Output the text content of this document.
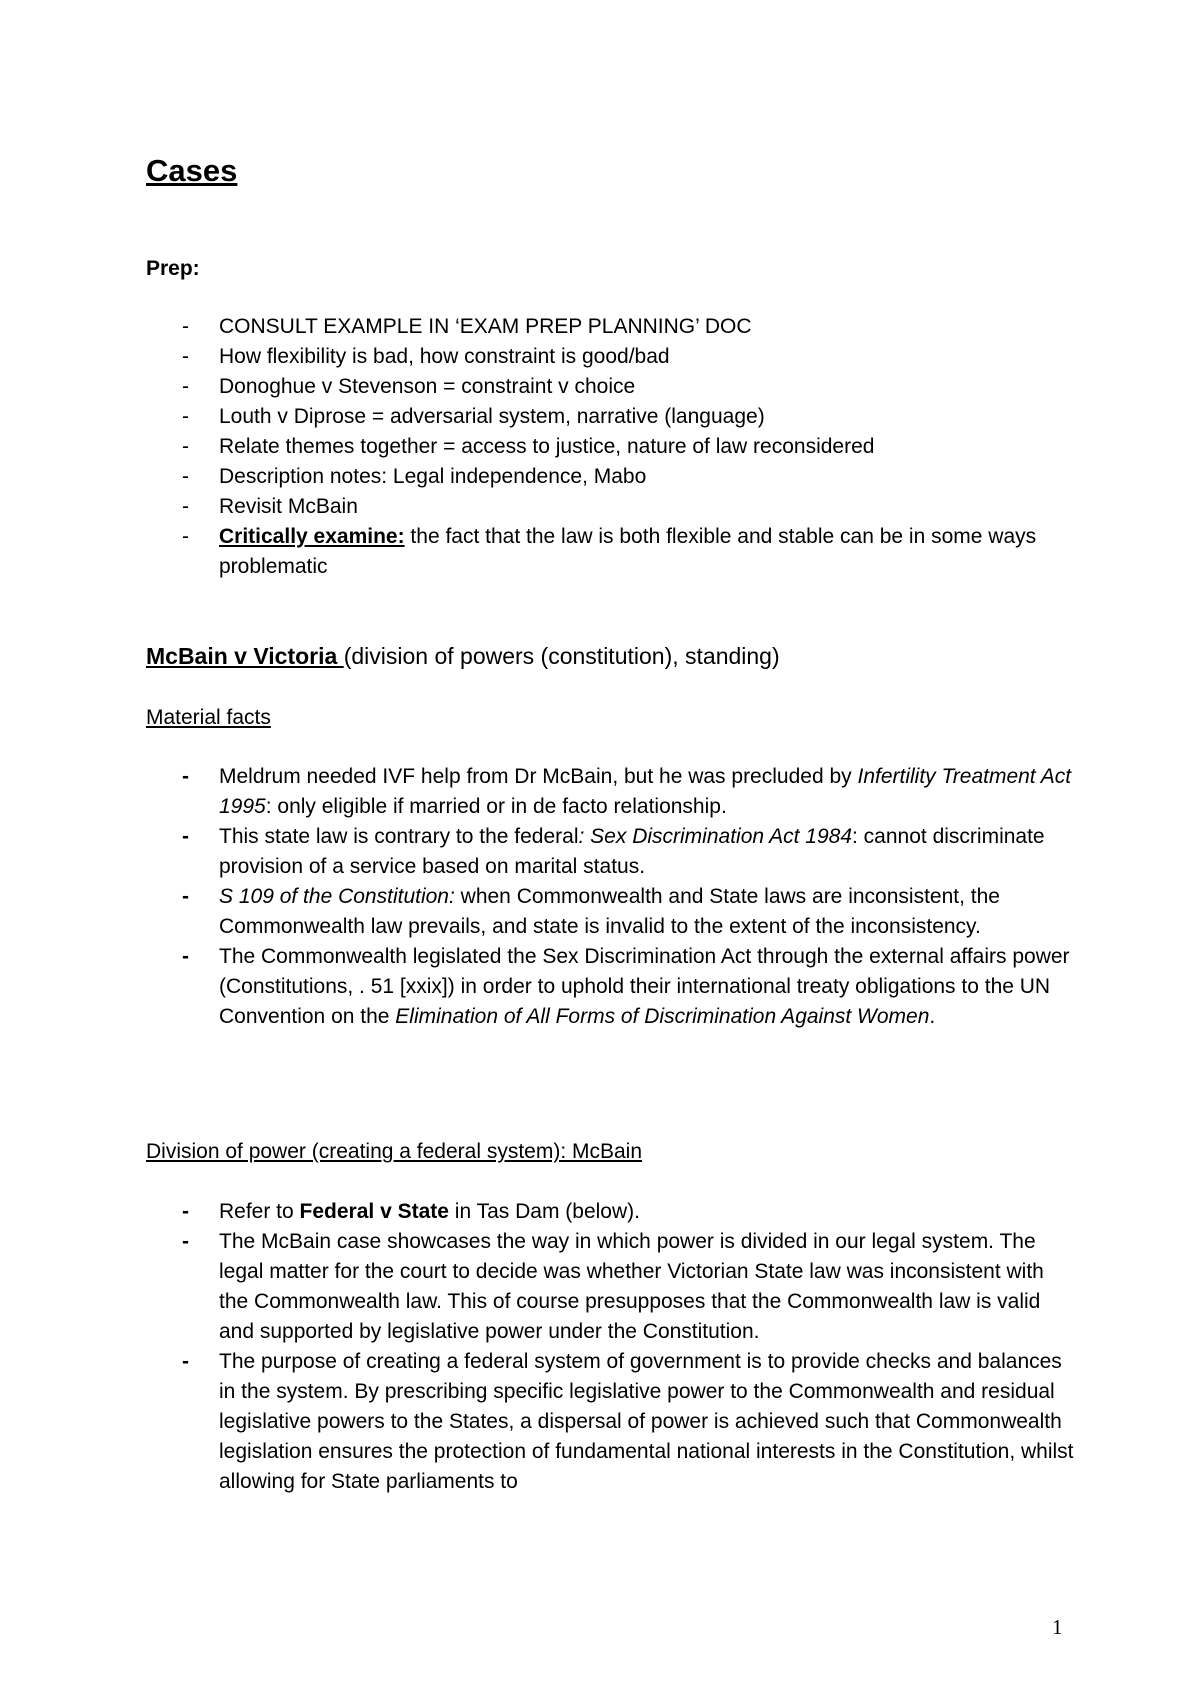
Cases

Prep:

-	CONSULT EXAMPLE IN ‘EXAM PREP PLANNING’ DOC
-	How flexibility is bad, how constraint is good/bad
-	Donoghue v Stevenson = constraint v choice
-	Louth v Diprose = adversarial system, narrative (language)
-	Relate themes together = access to justice, nature of law reconsidered
-	Description notes: Legal independence, Mabo
-	Revisit McBain
-	Critically examine: the fact that the law is both flexible and stable can be in some ways problematic
McBain v Victoria (division of powers (constitution), standing)

Material facts

-	Meldrum needed IVF help from Dr McBain, but he was precluded by Infertility Treatment Act 1995: only eligible if married or in de facto relationship.
-	This state law is contrary to the federal: Sex Discrimination Act 1984: cannot discriminate provision of a service based on marital status.
-	S 109 of the Constitution: when Commonwealth and State laws are inconsistent, the Commonwealth law prevails, and state is invalid to the extent of the inconsistency.
-	The Commonwealth legislated the Sex Discrimination Act through the external affairs power (Constitutions, . 51 [xxix]) in order to uphold their international treaty obligations to the UN Convention on the Elimination of All Forms of Discrimination Against Women.

Division of power (creating a federal system): McBain

-	Refer to Federal v State in Tas Dam (below).
-	The McBain case showcases the way in which power is divided in our legal system. The legal matter for the court to decide was whether Victorian State law was inconsistent with the Commonwealth law. This of course presupposes that the Commonwealth law is valid and supported by legislative power under the Constitution.
-	The purpose of creating a federal system of government is to provide checks and balances in the system. By prescribing specific legislative power to the Commonwealth and residual legislative powers to the States, a dispersal of power is achieved such that Commonwealth legislation ensures the protection of fundamental national interests in the Constitution, whilst allowing for State parliaments to
1
